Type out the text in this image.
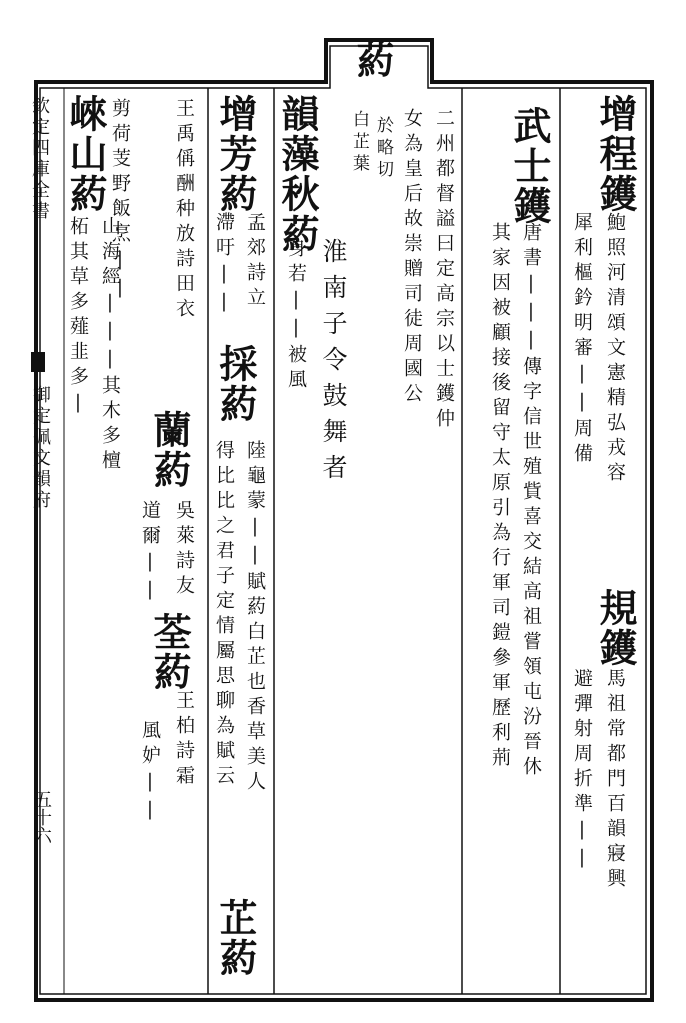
欽定四庫全書
御定佩文韻府
五十六
葯
於略切
白芷葉	增程鑊
鮑照河清頌文憲精弘戎容
犀利樞鈐明審||周備
規鑊
馬祖常都門百韻寢興
避彈射周折準||
武士鑊
唐書|||傳字信世殖貲喜交結高祖嘗領屯汾晉休
其家因被顧接後留守太原引為行軍司鎧參軍歷利荊
二州都督謚曰定高宗以士鑊仲
女為皇后故崇贈司徒周國公
韻藻秋葯
淮南子令鼓舞者
身若||被風
增芳葯
孟郊詩立
滯吁||
採葯
陸龜蒙||賦葯白芷也香草美人
得比比之君子定情屬思聊為賦云
芷葯
王禹偁酬种放詩田衣
蘭葯
吳萊詩友
道爾||
荃葯
王柏詩霜
剪荷芰野飯烹||
風妒||
崍山葯
山海經|||其木多檀
柘其草多薤韭多|
